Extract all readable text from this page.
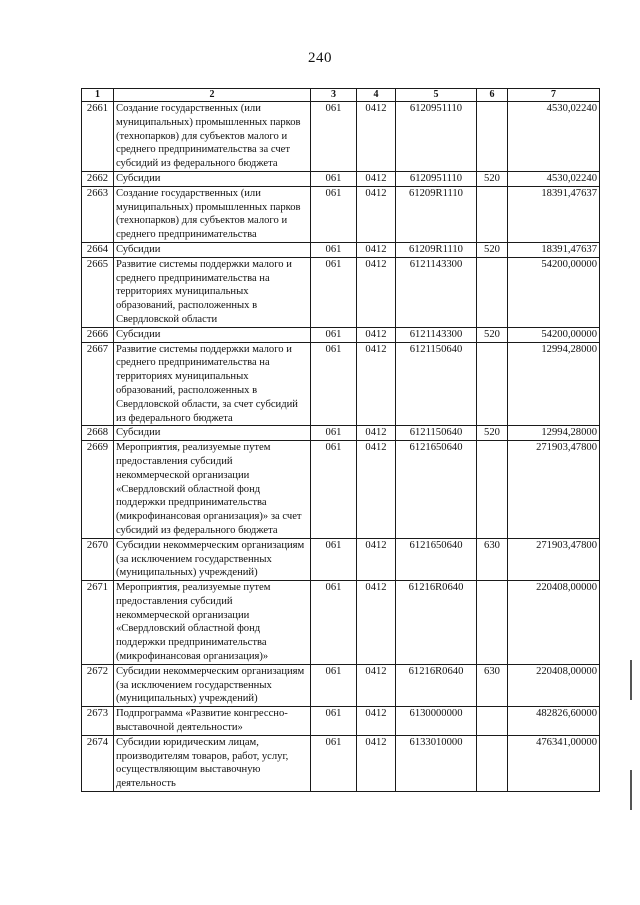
240
1	2	3	4	5	6	7
2661	Создание государственных (или муниципальных) промышленных парков (технопарков) для субъектов малого и среднего предпринимательства за счет субсидий из федерального бюджета	061	0412	6120951110		4530,02240
2662	Субсидии	061	0412	6120951110	520	4530,02240
2663	Создание государственных (или муниципальных) промышленных парков (технопарков) для субъектов малого и среднего предпринимательства	061	0412	61209R1110		18391,47637
2664	Субсидии	061	0412	61209R1110	520	18391,47637
2665	Развитие системы поддержки малого и среднего предпринимательства на территориях муниципальных образований, расположенных в Свердловской области	061	0412	6121143300		54200,00000
2666	Субсидии	061	0412	6121143300	520	54200,00000
2667	Развитие системы поддержки малого и среднего предпринимательства на территориях муниципальных образований, расположенных в Свердловской области, за счет субсидий из федерального бюджета	061	0412	6121150640		12994,28000
2668	Субсидии	061	0412	6121150640	520	12994,28000
2669	Мероприятия, реализуемые путем предоставления субсидий некоммерческой организации «Свердловский областной фонд поддержки предпринимательства (микрофинансовая организация)» за счет субсидий из федерального бюджета	061	0412	6121650640		271903,47800
2670	Субсидии некоммерческим организациям (за исключением государственных (муниципальных) учреждений)	061	0412	6121650640	630	271903,47800
2671	Мероприятия, реализуемые путем предоставления субсидий некоммерческой организации «Свердловский областной фонд поддержки предпринимательства (микрофинансовая организация)»	061	0412	61216R0640		220408,00000
2672	Субсидии некоммерческим организациям (за исключением государственных (муниципальных) учреждений)	061	0412	61216R0640	630	220408,00000
2673	Подпрограмма «Развитие конгрессно-выставочной деятельности»	061	0412	6130000000		482826,60000
2674	Субсидии юридическим лицам, производителям товаров, работ, услуг, осуществляющим выставочную деятельность	061	0412	6133010000		476341,00000
